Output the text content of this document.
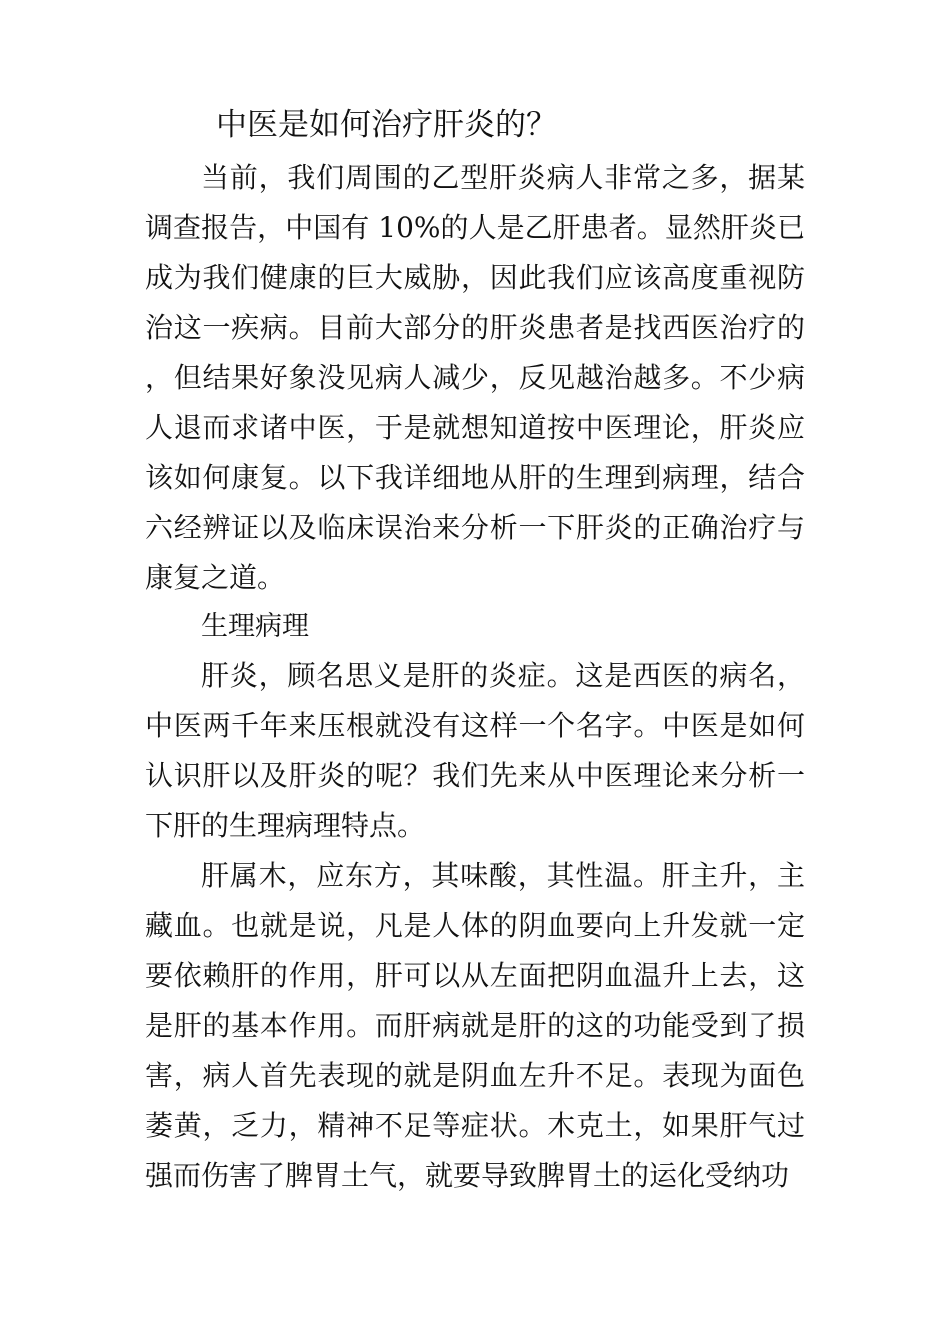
中医是如何治疗肝炎的？

当前，我们周围的乙型肝炎病人非常之多，据某调查报告，中国有 10%的人是乙肝患者。显然肝炎已成为我们健康的巨大威胁，因此我们应该高度重视防治这一疾病。目前大部分的肝炎患者是找西医治疗的，但结果好象没见病人减少，反见越治越多。不少病人退而求诸中医，于是就想知道按中医理论，肝炎应该如何康复。以下我详细地从肝的生理到病理，结合六经辨证以及临床误治来分析一下肝炎的正确治疗与康复之道。

生理病理

肝炎，顾名思义是肝的炎症。这是西医的病名，中医两千年来压根就没有这样一个名字。中医是如何认识肝以及肝炎的呢？我们先来从中医理论来分析一下肝的生理病理特点。

肝属木，应东方，其味酸，其性温。肝主升，主藏血。也就是说，凡是人体的阴血要向上升发就一定要依赖肝的作用，肝可以从左面把阴血温升上去，这是肝的基本作用。而肝病就是肝的这的功能受到了损害，病人首先表现的就是阴血左升不足。表现为面色萎黄，乏力，精神不足等症状。木克土，如果肝气过强而伤害了脾胃土气，就要导致脾胃土的运化受纳功
